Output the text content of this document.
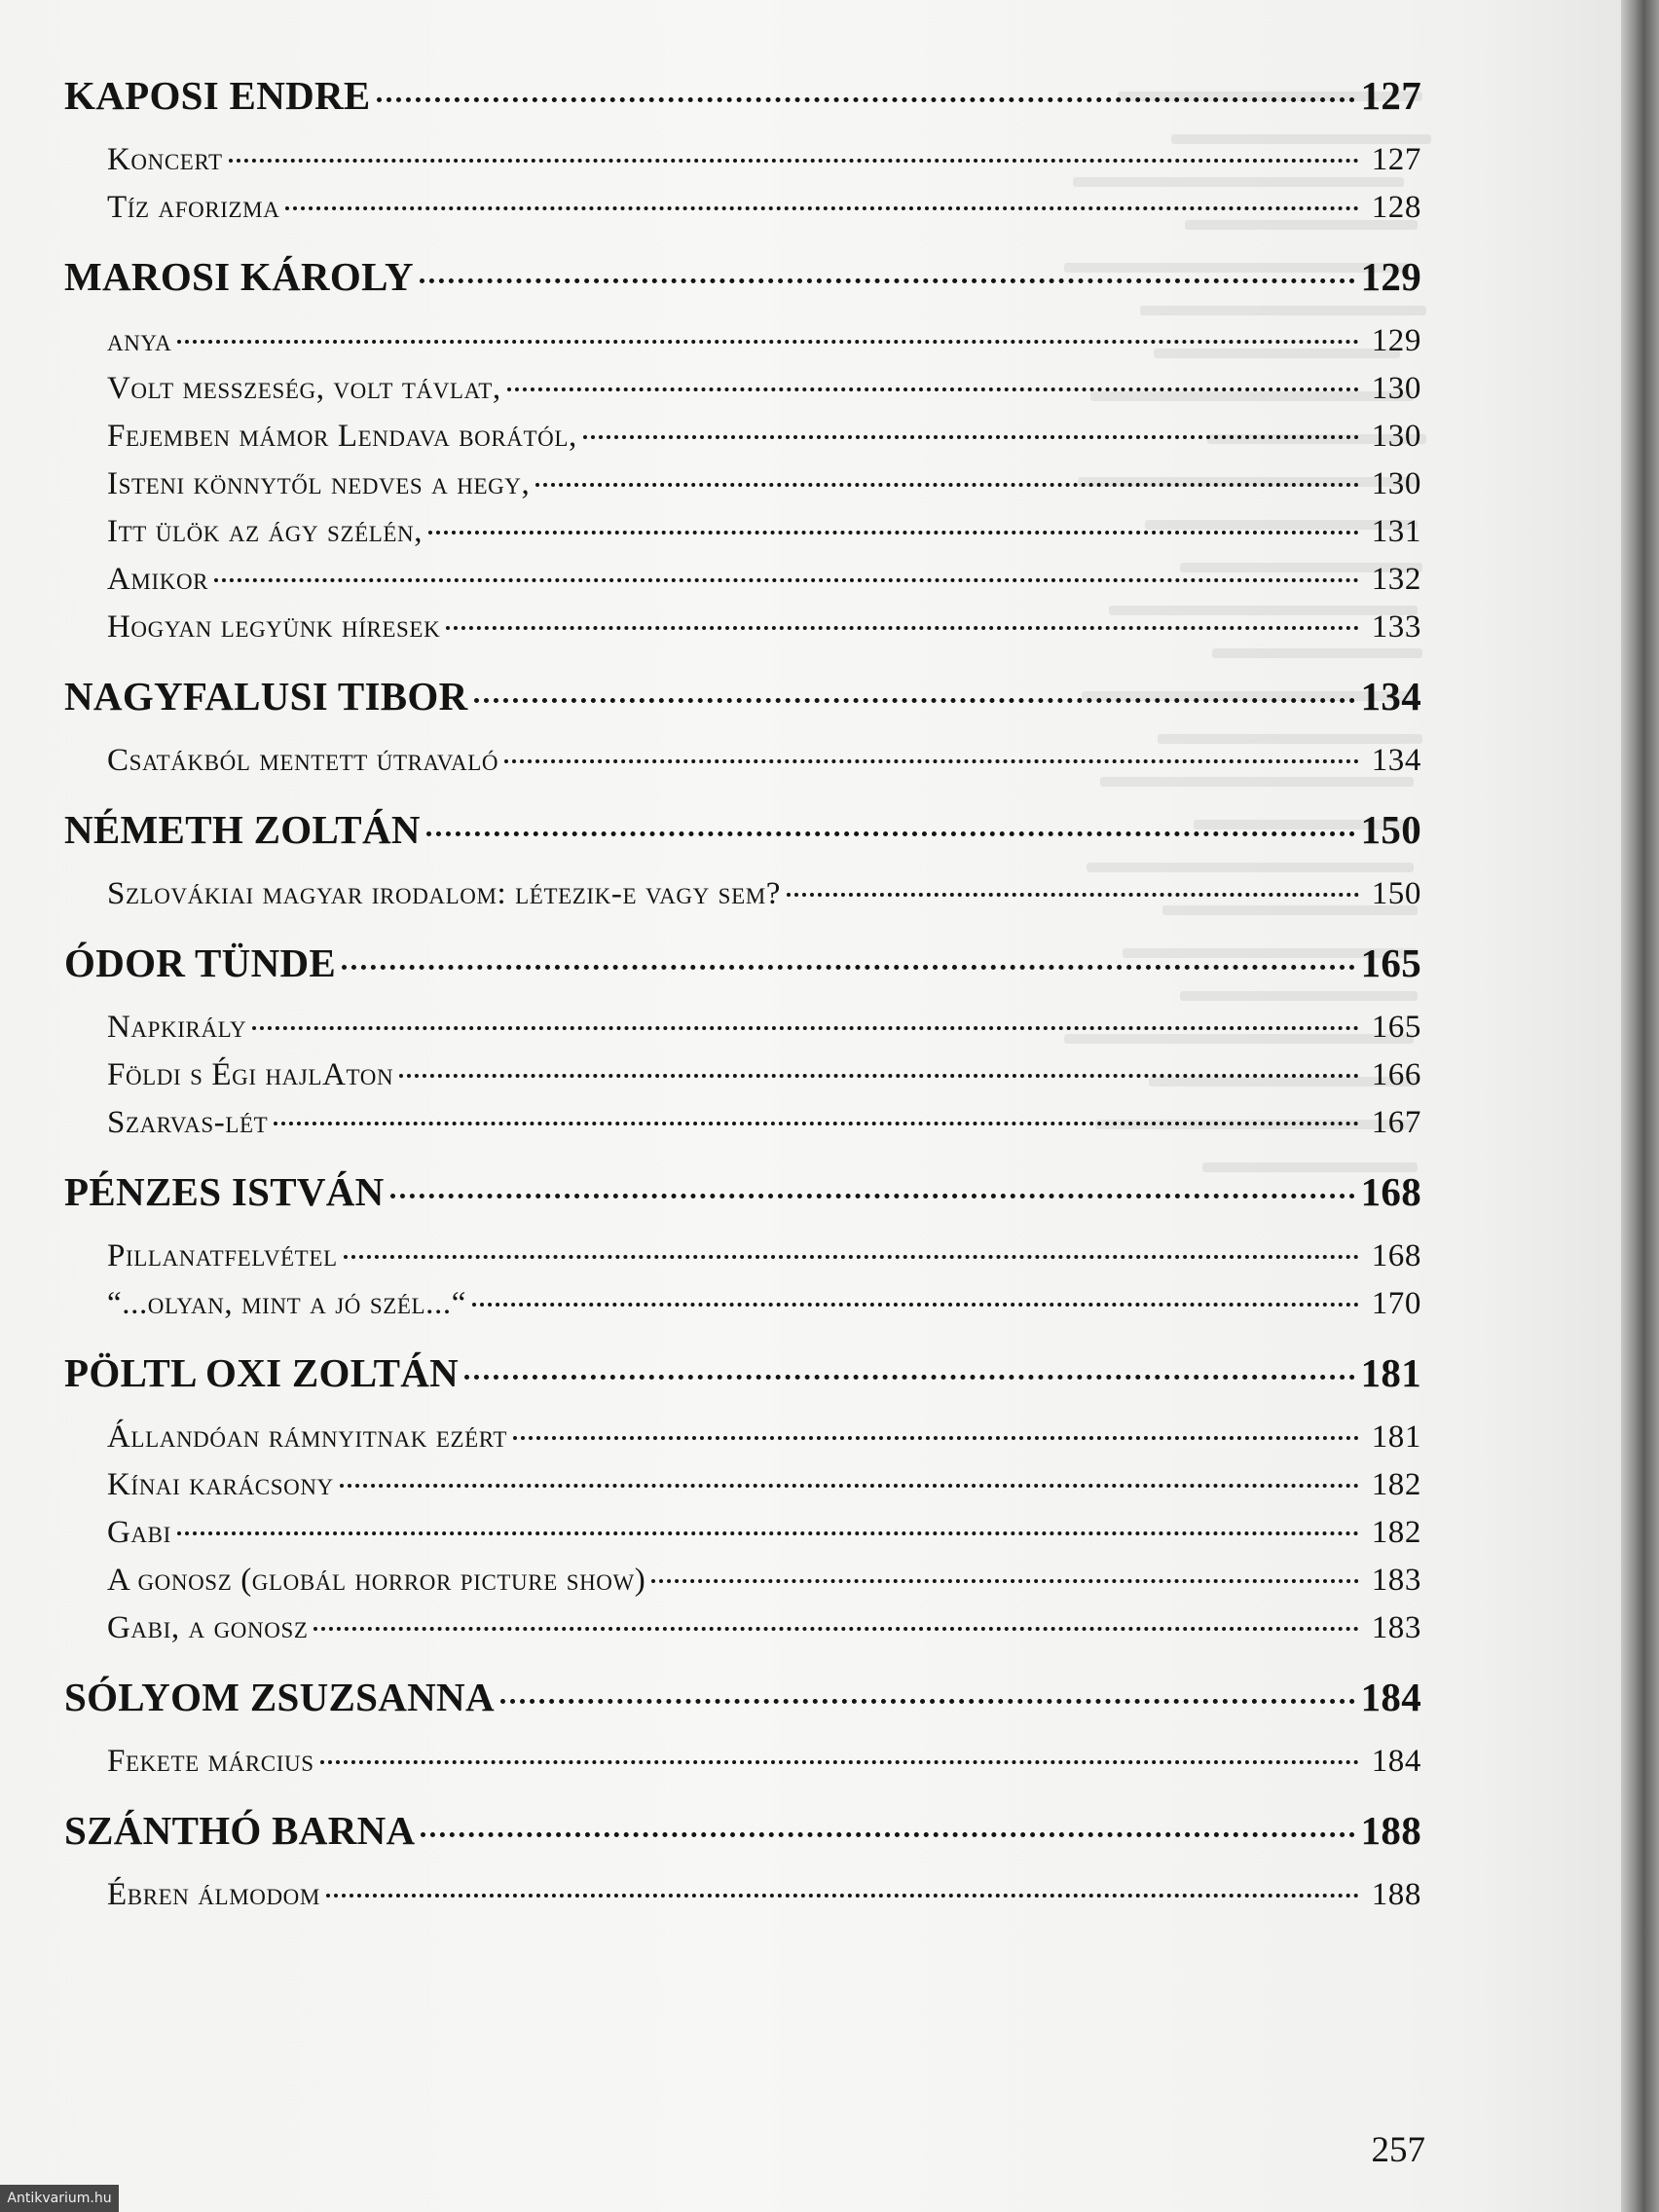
KAPOSI ENDRE	127
Koncert	127
Tíz aforizma	128
MAROSI KÁROLY	129
anya	129
Volt messzeség, volt távlat,	130
Fejemben mámor Lendava borától,	130
Isteni könnytől nedves a hegy,	130
Itt ülök az ágy szélén,	131
Amikor	132
Hogyan legyünk híresek	133
NAGYFALUSI TIBOR	134
Csatákból mentett útravaló	134
NÉMETH ZOLTÁN	150
Szlovákiai magyar irodalom: létezik-e vagy sem?	150
ÓDOR TÜNDE	165
Napkirály	165
Földi s Égi hajlAton	166
Szarvas-lét	167
PÉNZES ISTVÁN	168
Pillanatfelvétel	168
“...olyan, mint a jó szél...“	170
PÖLTL OXI ZOLTÁN	181
Állandóan rámnyitnak ezért	181
Kínai karácsony	182
Gabi	182
A gonosz (globál horror picture show)	183
Gabi, a gonosz	183
SÓLYOM ZSUZSANNA	184
Fekete március	184
SZÁNTHÓ BARNA	188
Ébren álmodom	188
257
Antikvarium.hu
